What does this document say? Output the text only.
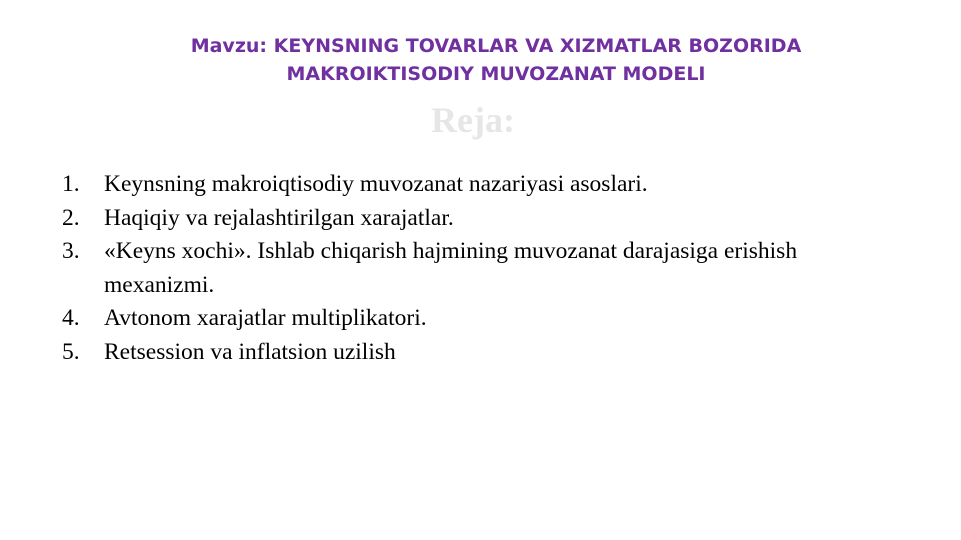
Mavzu: KEYNSNING TOVARLAR VA XIZMATLAR BOZORIDA
MAKROIKTISODIY MUVOZANAT MODELI
Reja:
1. Keynsning makroiqtisodiy muvozanat nazariyasi asoslari.
2. Haqiqiy va rejalashtirilgan xarajatlar.
3. «Keyns xochi». Ishlab chiqarish hajmining muvozanat darajasiga erishish mexanizmi.
4. Avtonom xarajatlar multiplikatori.
5. Retsession va inflatsion uzilish
